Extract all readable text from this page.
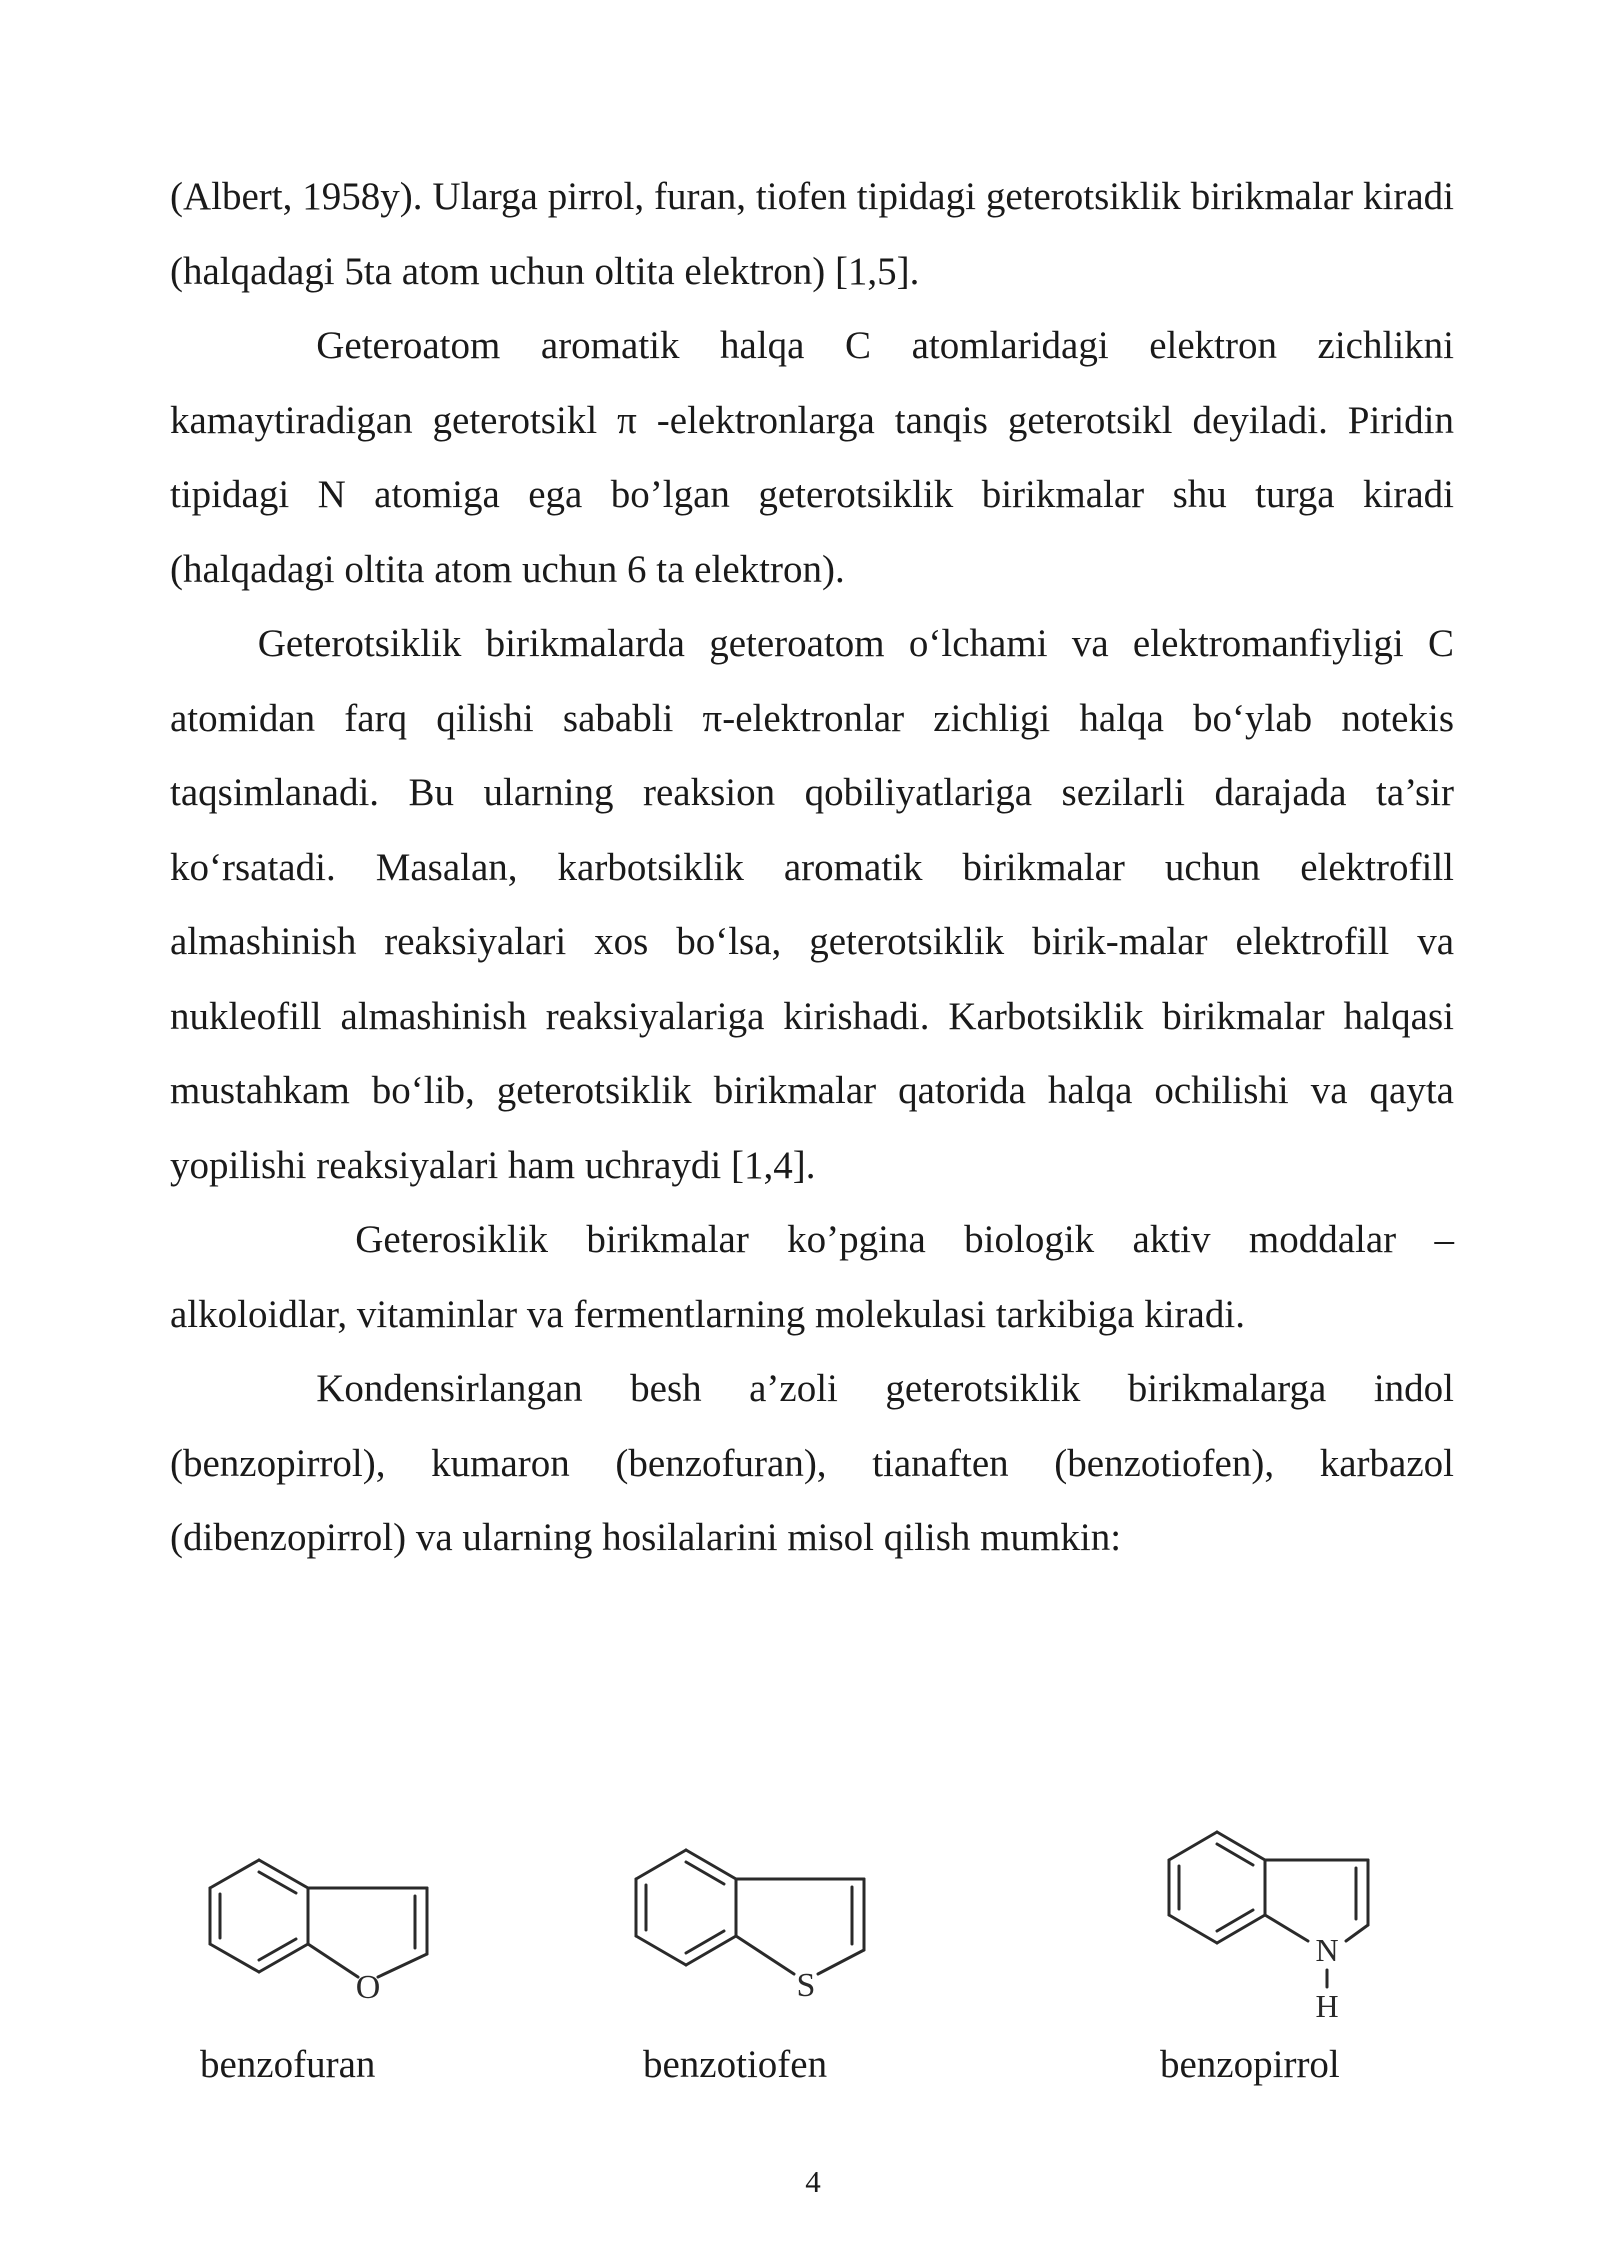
(Albert, 1958y). Ularga pirrol, furan, tiofen tipidagi geterotsiklik birikmalar kiradi (halqadagi 5ta atom uchun oltita elektron) [1,5].

Geteroatom aromatik halqa C atomlaridagi elektron zichlikni kamaytiradigan geterotsikl π -elektronlarga tanqis geterotsikl deyiladi. Piridin tipidagi N atomiga ega bo’lgan geterotsiklik birikmalar shu turga kiradi (halqadagi oltita atom uchun 6 ta elektron).

Geterotsiklik birikmalarda geteroatom o‘lchami va elektromanfiyligi C atomidan farq qilishi sababli π-elektronlar zichligi halqa bo‘ylab notekis taqsimlanadi. Bu ularning reaksion qobiliyatlariga sezilarli darajada ta’sir ko‘rsatadi. Masalan, karbotsiklik aromatik birikmalar uchun elektrofill almashinish reaksiyalari xos bo‘lsa, geterotsiklik birik-malar elektrofill va nukleofill almashinish reaksiyalariga kirishadi. Karbotsiklik birikmalar halqasi mustahkam bo‘lib, geterotsiklik birikmalar qatorida halqa ochilishi va qayta yopilishi reaksiyalari ham uchraydi [1,4].

Geterosiklik birikmalar ko’pgina biologik aktiv moddalar – alkoloidlar, vitaminlar va fermentlarning molekulasi tarkibiga kiradi.

Kondensirlangan besh a’zoli geterotsiklik birikmalarga indol (benzopirrol), kumaron (benzofuran), tianaften (benzotiofen), karbazol (dibenzopirrol) va ularning hosilalarini misol qilish mumkin:

O	S
N
H
benzofuran	benzotiofen	benzopirrol
4
